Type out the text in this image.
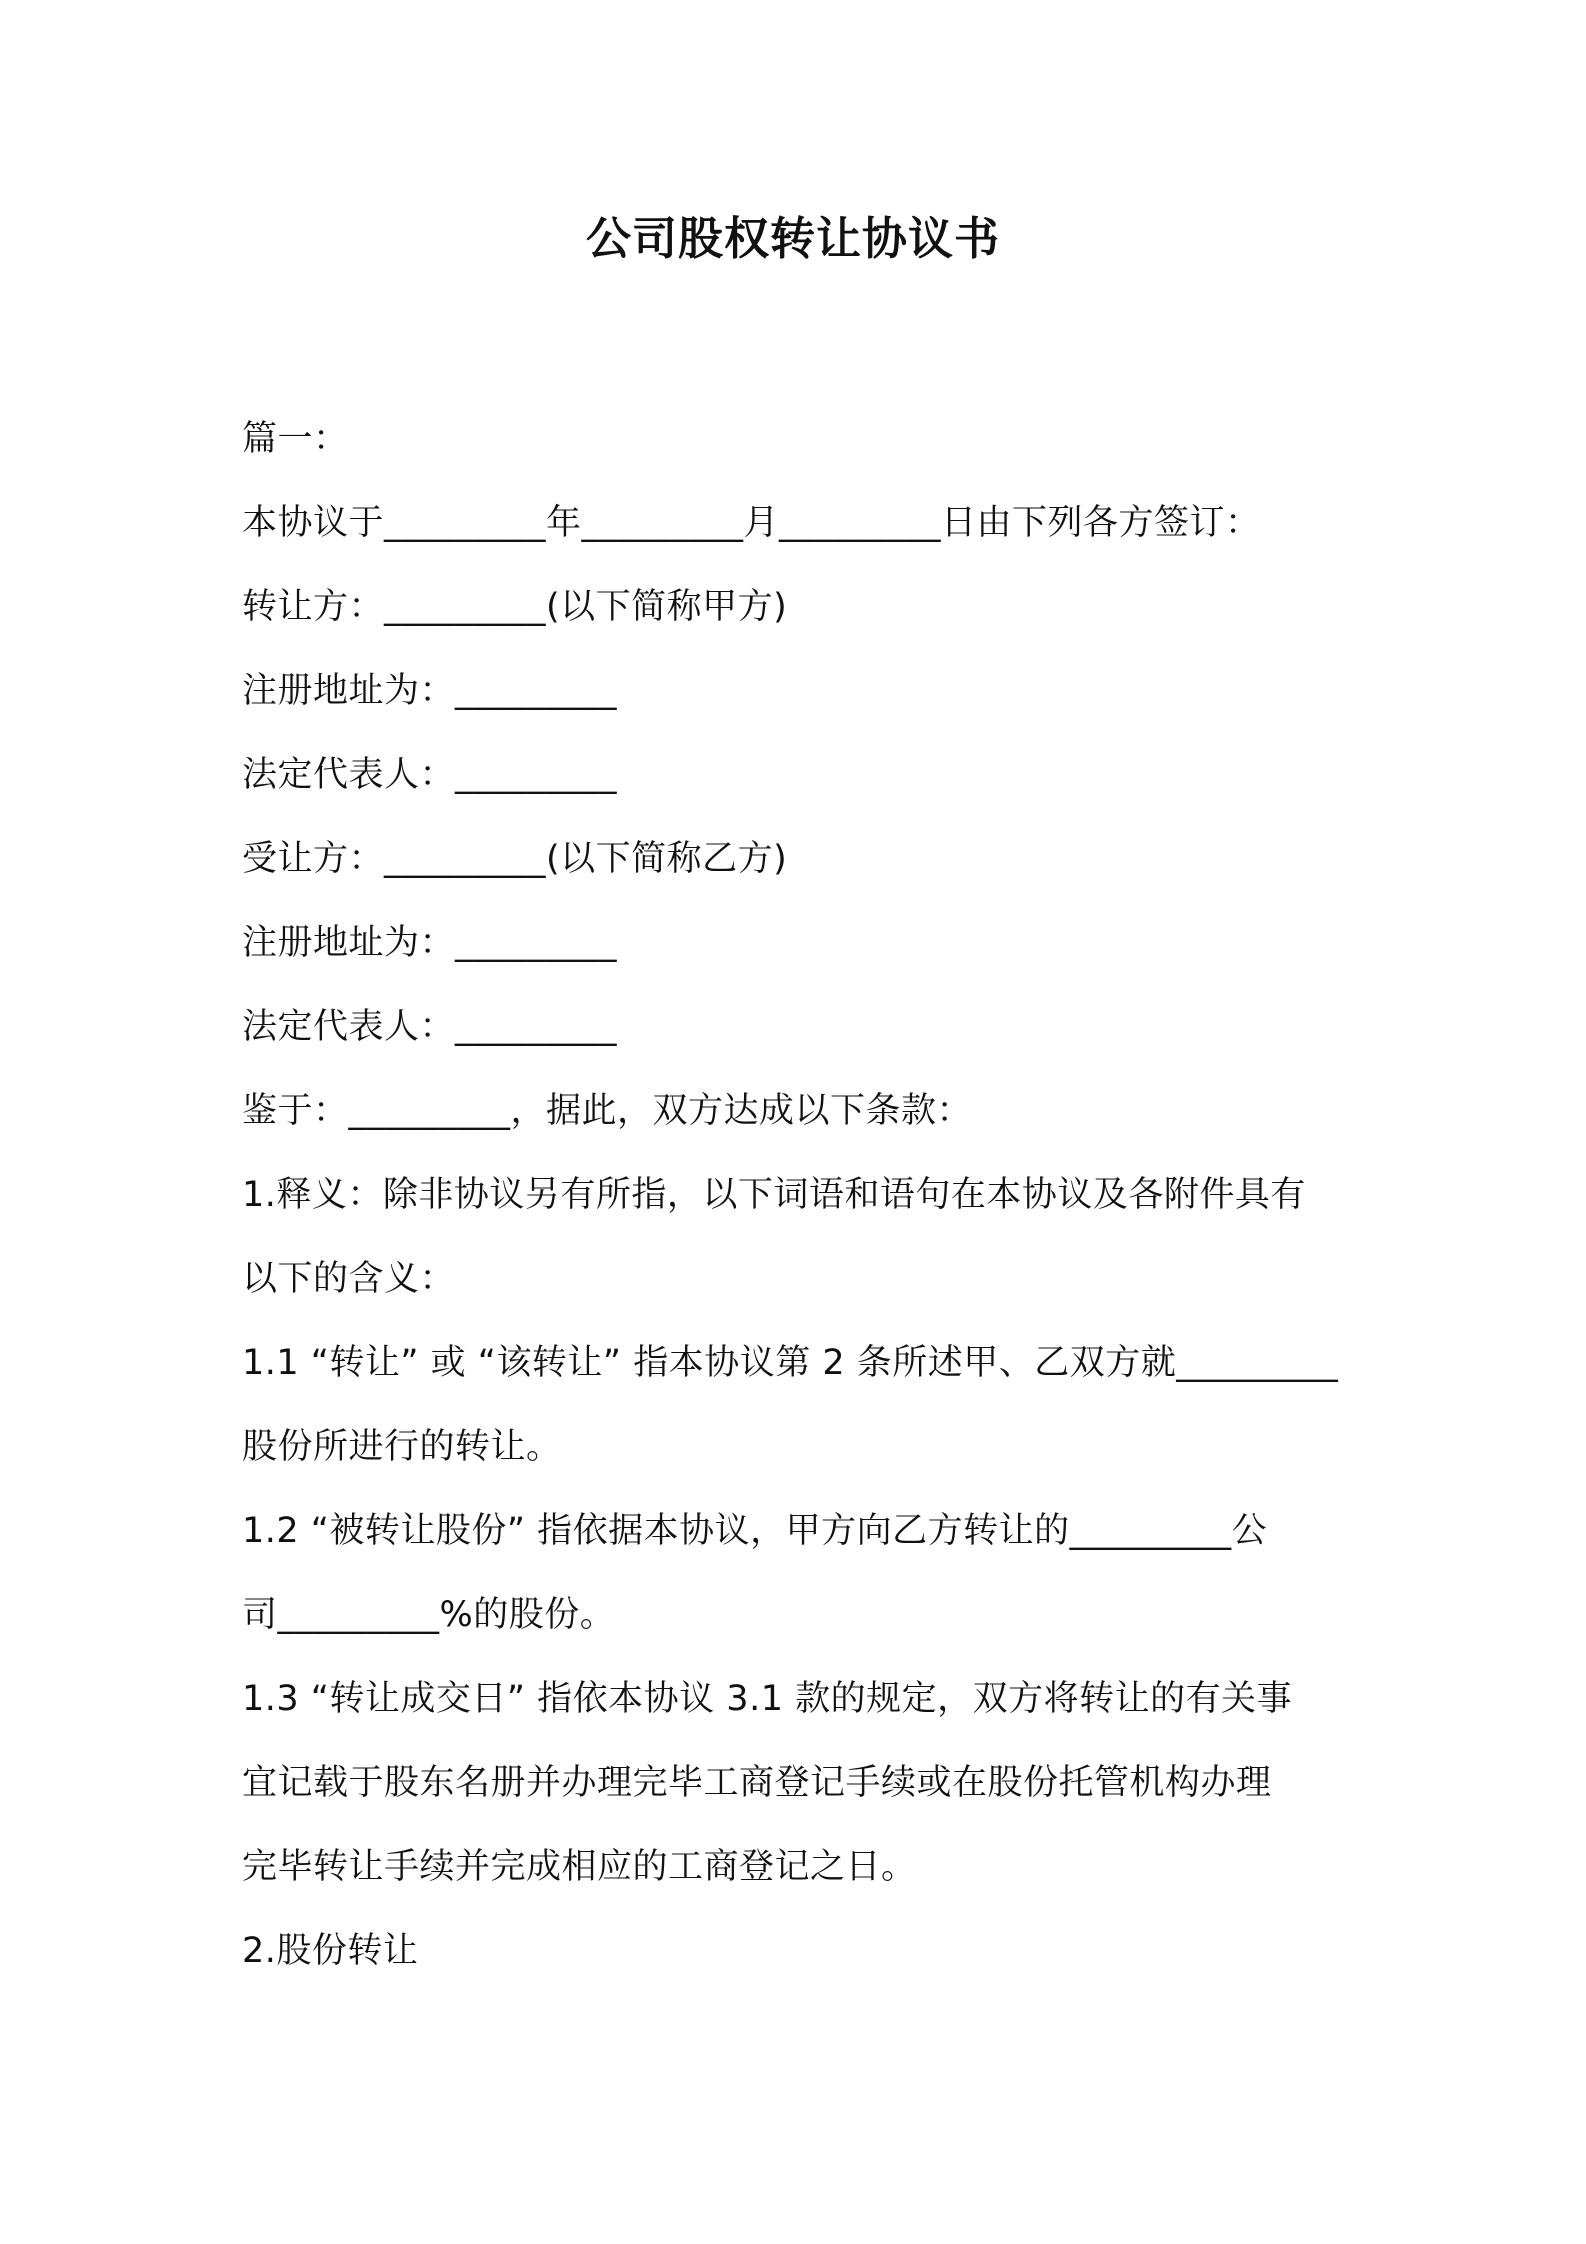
公司股权转让协议书
篇一：
本协议于_________年_________月_________日由下列各方签订：
转让方：_________(以下简称甲方)
注册地址为：_________
法定代表人：_________
受让方：_________(以下简称乙方)
注册地址为：_________
法定代表人：_________
鉴于：_________，据此，双方达成以下条款：
1.释义：除非协议另有所指，以下词语和语句在本协议及各附件具有
以下的含义：
1.1 “转让” 或 “该转让” 指本协议第 2 条所述甲、乙双方就_________
股份所进行的转让。
1.2 “被转让股份” 指依据本协议，甲方向乙方转让的_________公
司_________%的股份。
1.3 “转让成交日” 指依本协议 3.1 款的规定，双方将转让的有关事
宜记载于股东名册并办理完毕工商登记手续或在股份托管机构办理
完毕转让手续并完成相应的工商登记之日。
2.股份转让
